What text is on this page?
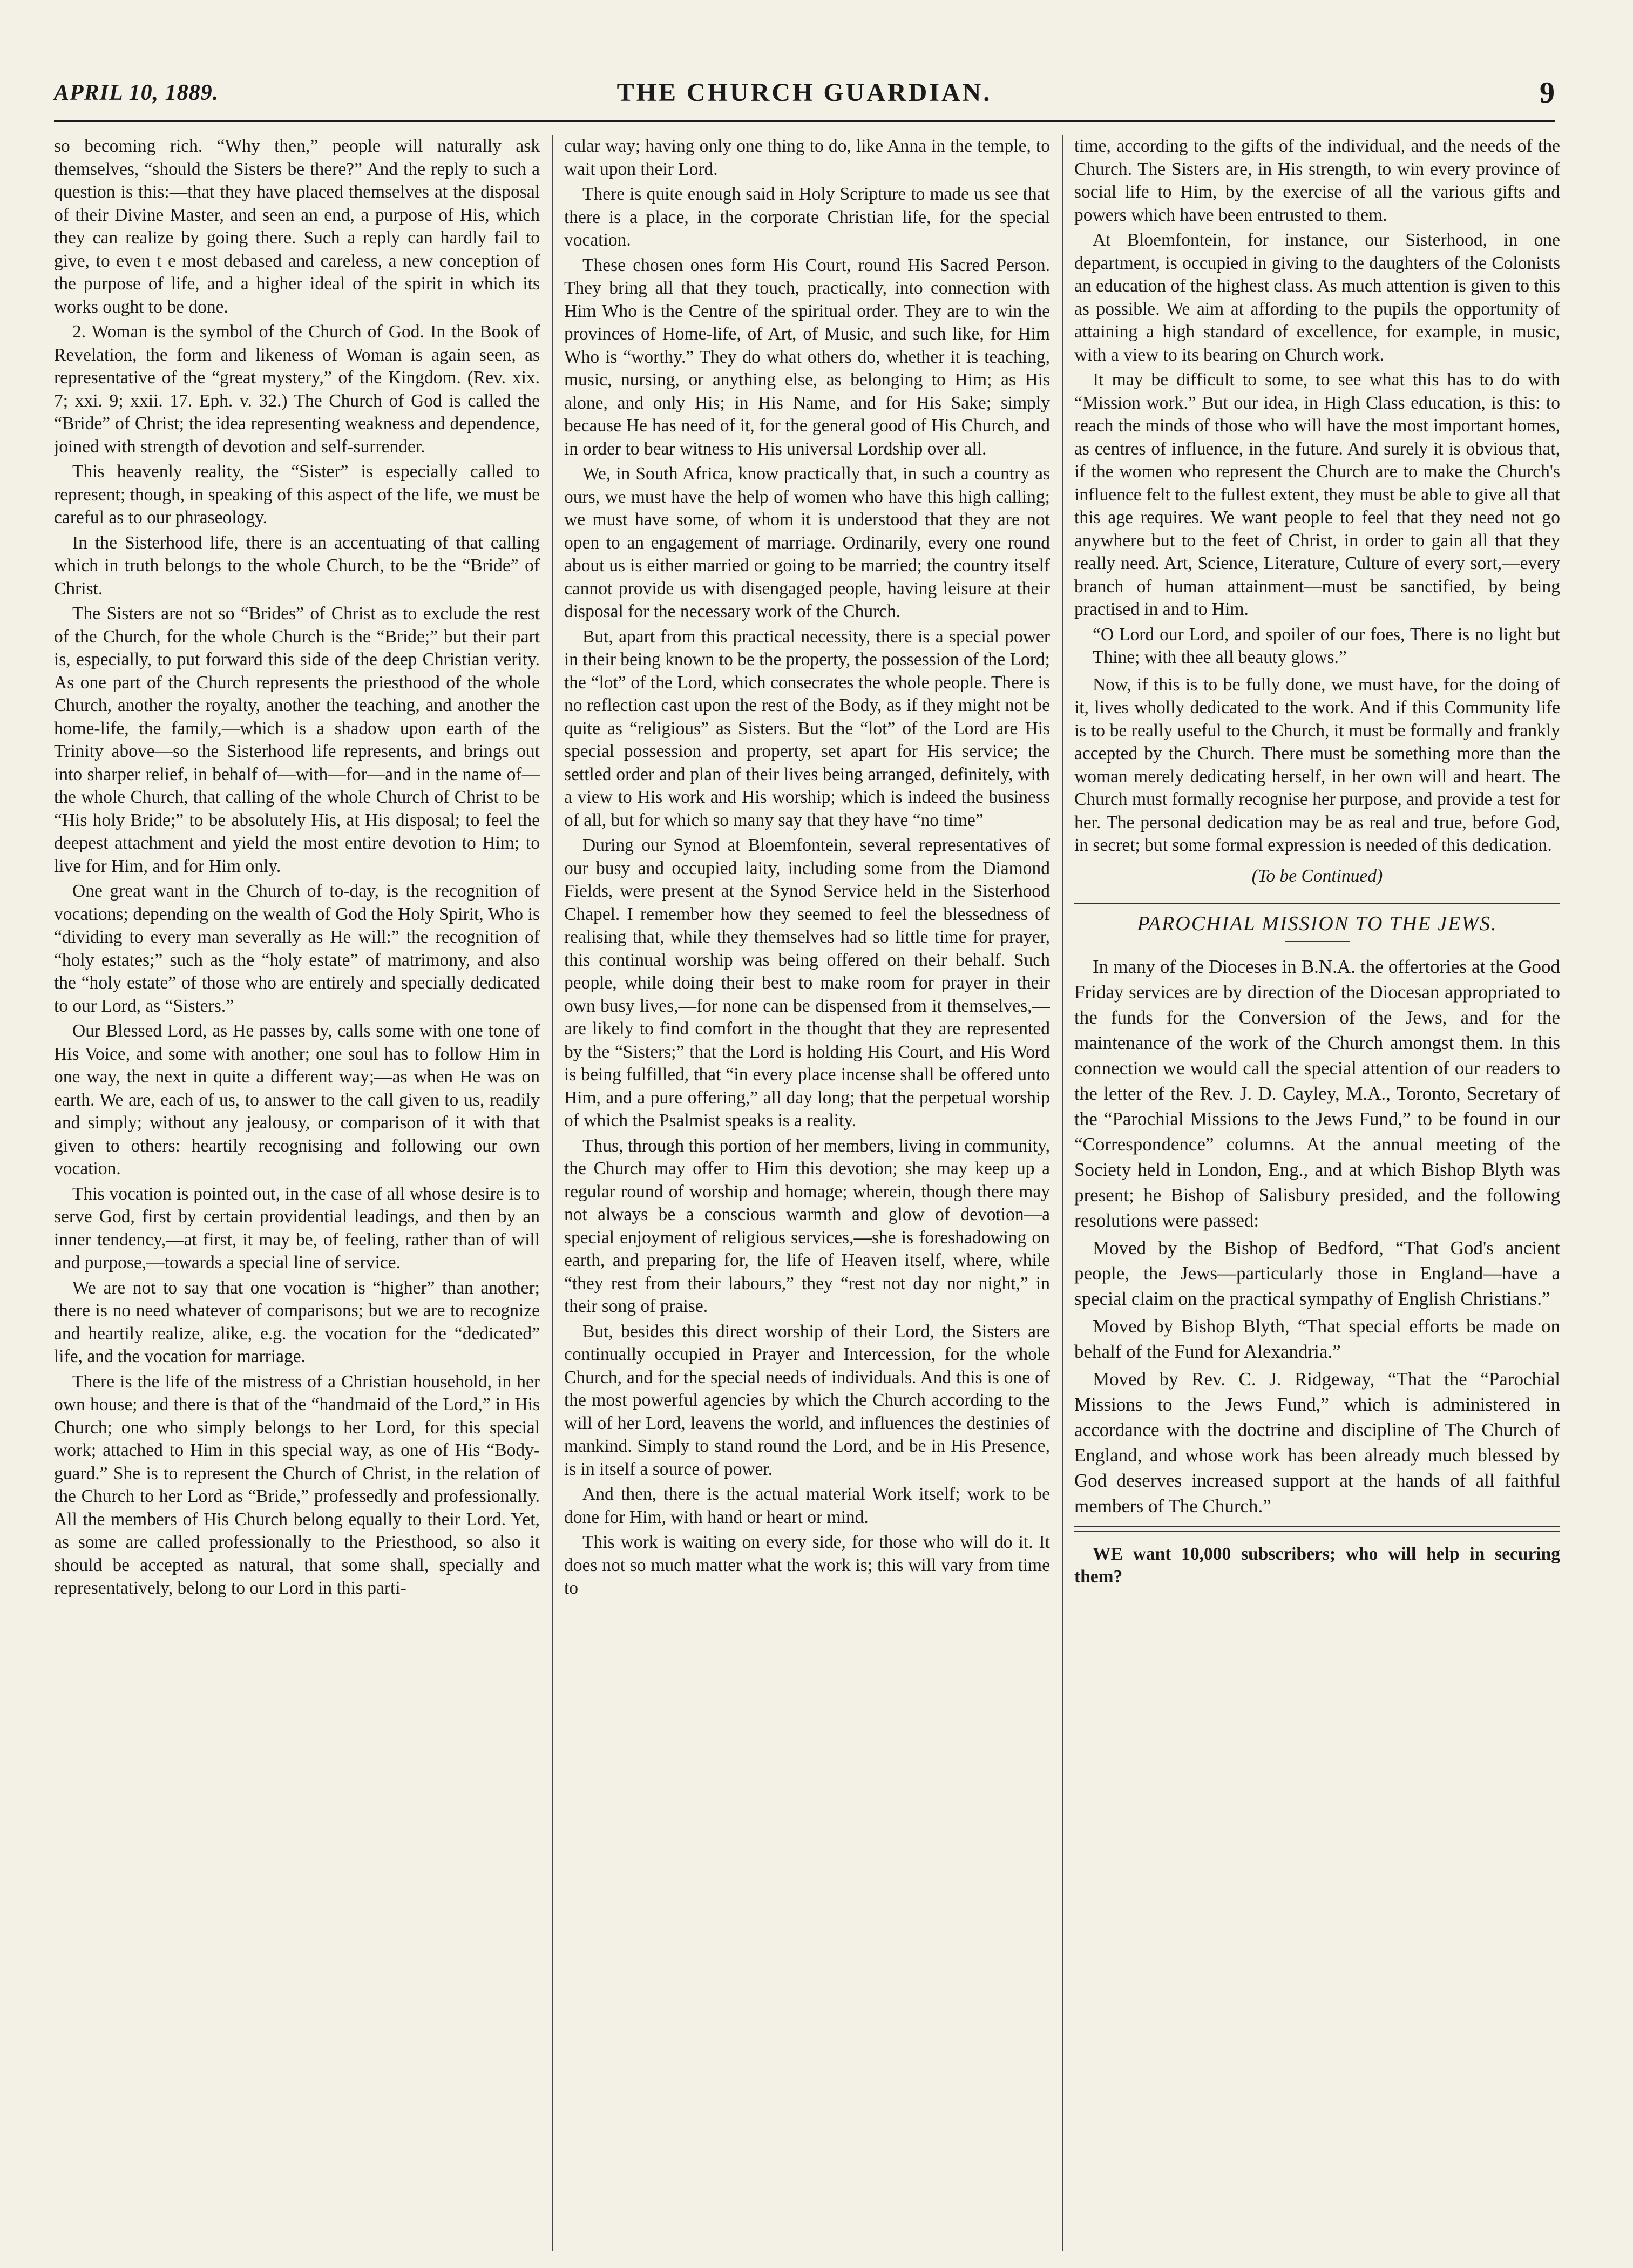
APRIL 10, 1889.	THE CHURCH GUARDIAN.	9

so becoming rich. “Why then,” people will naturally ask themselves, “should the Sisters be there?” And the reply to such a question is this:—that they have placed themselves at the disposal of their Divine Master, and seen an end, a purpose of His, which they can realize by going there. Such a reply can hardly fail to give, to even t e most debased and careless, a new conception of the purpose of life, and a higher ideal of the spirit in which its works ought to be done.

2. Woman is the symbol of the Church of God. In the Book of Revelation, the form and likeness of Woman is again seen, as representative of the “great mystery,” of the Kingdom. (Rev. xix. 7; xxi. 9; xxii. 17. Eph. v. 32.) The Church of God is called the “Bride” of Christ; the idea representing weakness and dependence, joined with strength of devotion and self-surrender.

This heavenly reality, the “Sister” is especially called to represent; though, in speaking of this aspect of the life, we must be careful as to our phraseology.

In the Sisterhood life, there is an accentuating of that calling which in truth belongs to the whole Church, to be the “Bride” of Christ.

The Sisters are not so “Brides” of Christ as to exclude the rest of the Church, for the whole Church is the “Bride;” but their part is, especially, to put forward this side of the deep Christian verity. As one part of the Church represents the priesthood of the whole Church, another the royalty, another the teaching, and another the home-life, the family,—which is a shadow upon earth of the Trinity above—so the Sisterhood life represents, and brings out into sharper relief, in behalf of—with—for—and in the name of—the whole Church, that calling of the whole Church of Christ to be “His holy Bride;” to be absolutely His, at His disposal; to feel the deepest attachment and yield the most entire devotion to Him; to live for Him, and for Him only.

One great want in the Church of to-day, is the recognition of vocations; depending on the wealth of God the Holy Spirit, Who is “dividing to every man severally as He will:” the recognition of “holy estates;” such as the “holy estate” of matrimony, and also the “holy estate” of those who are entirely and specially dedicated to our Lord, as “Sisters.”

Our Blessed Lord, as He passes by, calls some with one tone of His Voice, and some with another; one soul has to follow Him in one way, the next in quite a different way;—as when He was on earth. We are, each of us, to answer to the call given to us, readily and simply; without any jealousy, or comparison of it with that given to others: heartily recognising and following our own vocation.

This vocation is pointed out, in the case of all whose desire is to serve God, first by certain providential leadings, and then by an inner tendency,—at first, it may be, of feeling, rather than of will and purpose,—towards a special line of service.

We are not to say that one vocation is “higher” than another; there is no need whatever of comparisons; but we are to recognize and heartily realize, alike, e.g. the vocation for the “dedicated” life, and the vocation for marriage.

There is the life of the mistress of a Christian household, in her own house; and there is that of the “handmaid of the Lord,” in His Church; one who simply belongs to her Lord, for this special work; attached to Him in this special way, as one of His “Body-guard.” She is to represent the Church of Christ, in the relation of the Church to her Lord as “Bride,” professedly and professionally. All the members of His Church belong equally to their Lord. Yet, as some are called professionally to the Priesthood, so also it should be accepted as natural, that some shall, specially and representatively, belong to our Lord in this parti-

cular way; having only one thing to do, like Anna in the temple, to wait upon their Lord.

There is quite enough said in Holy Scripture to made us see that there is a place, in the corporate Christian life, for the special vocation.

These chosen ones form His Court, round His Sacred Person. They bring all that they touch, practically, into connection with Him Who is the Centre of the spiritual order. They are to win the provinces of Home-life, of Art, of Music, and such like, for Him Who is “worthy.” They do what others do, whether it is teaching, music, nursing, or anything else, as belonging to Him; as His alone, and only His; in His Name, and for His Sake; simply because He has need of it, for the general good of His Church, and in order to bear witness to His universal Lordship over all.

We, in South Africa, know practically that, in such a country as ours, we must have the help of women who have this high calling; we must have some, of whom it is understood that they are not open to an engagement of marriage. Ordinarily, every one round about us is either married or going to be married; the country itself cannot provide us with disengaged people, having leisure at their disposal for the necessary work of the Church.

But, apart from this practical necessity, there is a special power in their being known to be the property, the possession of the Lord; the “lot” of the Lord, which consecrates the whole people. There is no reflection cast upon the rest of the Body, as if they might not be quite as “religious” as Sisters. But the “lot” of the Lord are His special possession and property, set apart for His service; the settled order and plan of their lives being arranged, definitely, with a view to His work and His worship; which is indeed the business of all, but for which so many say that they have “no time”

During our Synod at Bloemfontein, several representatives of our busy and occupied laity, including some from the Diamond Fields, were present at the Synod Service held in the Sisterhood Chapel. I remember how they seemed to feel the blessedness of realising that, while they themselves had so little time for prayer, this continual worship was being offered on their behalf. Such people, while doing their best to make room for prayer in their own busy lives,—for none can be dispensed from it themselves,—are likely to find comfort in the thought that they are represented by the “Sisters;” that the Lord is holding His Court, and His Word is being fulfilled, that “in every place incense shall be offered unto Him, and a pure offering,” all day long; that the perpetual worship of which the Psalmist speaks is a reality.

Thus, through this portion of her members, living in community, the Church may offer to Him this devotion; she may keep up a regular round of worship and homage; wherein, though there may not always be a conscious warmth and glow of devotion—a special enjoyment of religious services,—she is foreshadowing on earth, and preparing for, the life of Heaven itself, where, while “they rest from their labours,” they “rest not day nor night,” in their song of praise.

But, besides this direct worship of their Lord, the Sisters are continually occupied in Prayer and Intercession, for the whole Church, and for the special needs of individuals. And this is one of the most powerful agencies by which the Church according to the will of her Lord, leavens the world, and influences the destinies of mankind. Simply to stand round the Lord, and be in His Presence, is in itself a source of power.

And then, there is the actual material Work itself; work to be done for Him, with hand or heart or mind.

This work is waiting on every side, for those who will do it. It does not so much matter what the work is; this will vary from time to

time, according to the gifts of the individual, and the needs of the Church. The Sisters are, in His strength, to win every province of social life to Him, by the exercise of all the various gifts and powers which have been entrusted to them.

At Bloemfontein, for instance, our Sisterhood, in one department, is occupied in giving to the daughters of the Colonists an education of the highest class. As much attention is given to this as possible. We aim at affording to the pupils the opportunity of attaining a high standard of excellence, for example, in music, with a view to its bearing on Church work.

It may be difficult to some, to see what this has to do with “Mission work.” But our idea, in High Class education, is this: to reach the minds of those who will have the most important homes, as centres of influence, in the future. And surely it is obvious that, if the women who represent the Church are to make the Church's influence felt to the fullest extent, they must be able to give all that this age requires. We want people to feel that they need not go anywhere but to the feet of Christ, in order to gain all that they really need. Art, Science, Literature, Culture of every sort,—every branch of human attainment—must be sanctified, by being practised in and to Him.

“O Lord our Lord, and spoiler of our foes, There is no light but Thine; with thee all beauty glows.”

Now, if this is to be fully done, we must have, for the doing of it, lives wholly dedicated to the work. And if this Community life is to be really useful to the Church, it must be formally and frankly accepted by the Church. There must be something more than the woman merely dedicating herself, in her own will and heart. The Church must formally recognise her purpose, and provide a test for her. The personal dedication may be as real and true, before God, in secret; but some formal expression is needed of this dedication.

(To be Continued)
PAROCHIAL MISSION TO THE JEWS.

In many of the Dioceses in B.N.A. the offertories at the Good Friday services are by direction of the Diocesan appropriated to the funds for the Conversion of the Jews, and for the maintenance of the work of the Church amongst them. In this connection we would call the special attention of our readers to the letter of the Rev. J. D. Cayley, M.A., Toronto, Secretary of the “Parochial Missions to the Jews Fund,” to be found in our “Correspondence” columns. At the annual meeting of the Society held in London, Eng., and at which Bishop Blyth was present; he Bishop of Salisbury presided, and the following resolutions were passed:

Moved by the Bishop of Bedford, “That God's ancient people, the Jews—particularly those in England—have a special claim on the practical sympathy of English Christians.”

Moved by Bishop Blyth, “That special efforts be made on behalf of the Fund for Alexandria.”

Moved by Rev. C. J. Ridgeway, “That the “Parochial Missions to the Jews Fund,” which is administered in accordance with the doctrine and discipline of The Church of England, and whose work has been already much blessed by God deserves increased support at the hands of all faithful members of The Church.”

WE want 10,000 subscribers; who will help in securing them?
